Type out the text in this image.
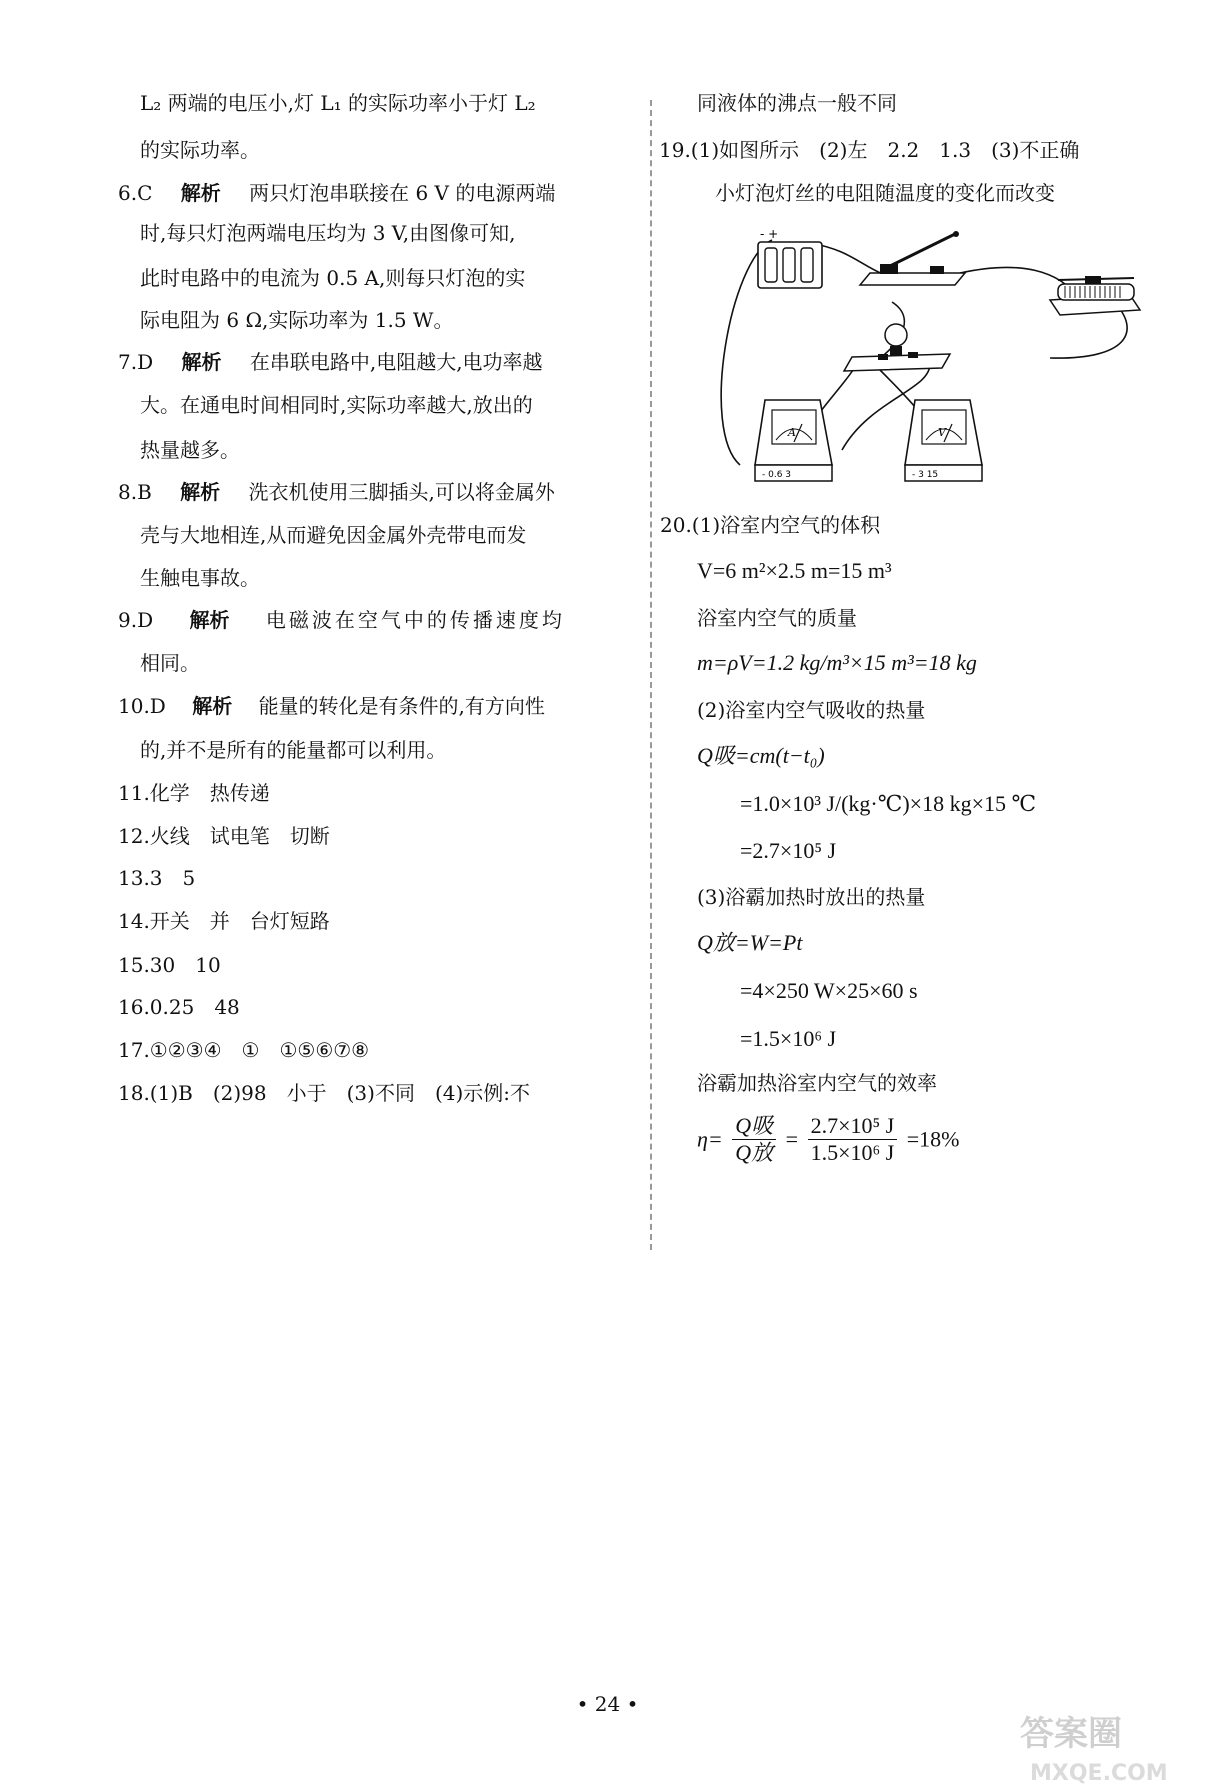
L₂ 两端的电压小,灯 L₁ 的实际功率小于灯 L₂
的实际功率。
6.C 解析 两只灯泡串联接在 6 V 的电源两端
时,每只灯泡两端电压均为 3 V,由图像可知,
此时电路中的电流为 0.5 A,则每只灯泡的实
际电阻为 6 Ω,实际功率为 1.5 W。
7.D 解析 在串联电路中,电阻越大,电功率越
大。在通电时间相同时,实际功率越大,放出的
热量越多。
8.B 解析 洗衣机使用三脚插头,可以将金属外
壳与大地相连,从而避免因金属外壳带电而发
生触电事故。
9.D 解析 电磁波在空气中的传播速度均
相同。
10.D 解析 能量的转化是有条件的,有方向性
的,并不是所有的能量都可以利用。
11.化学　热传递
12.火线　试电笔　切断
13.3　5
14.开关　并　台灯短路
15.30　10
16.0.25　48
17.①②③④　①　①⑤⑥⑦⑧
18.(1)B　(2)98　小于　(3)不同　(4)示例:不
同液体的沸点一般不同
19.(1)如图所示　(2)左　2.2　1.3　(3)不正确
小灯泡灯丝的电阻随温度的变化而改变
20.(1)浴室内空气的体积
V=6 m²×2.5 m=15 m³
浴室内空气的质量
m=ρV=1.2 kg/m³×15 m³=18 kg
(2)浴室内空气吸收的热量
Q吸=cm(t−t₀)
=1.0×10³ J/(kg·℃)×18 kg×15 ℃
=2.7×10⁵ J
(3)浴霸加热时放出的热量
Q放=W=Pt
=4×250 W×25×60 s
=1.5×10⁶ J
浴霸加热浴室内空气的效率
$\eta= \frac{\text{Q吸}}{\text{Q放}} = \frac{\text{2.7×10⁵ J}}{\text{1.5×10⁶ J}} =18\%$
- +
A
- 0.6 3
V
- 3 15
• 24 •
答案圈
MXQE.COM
